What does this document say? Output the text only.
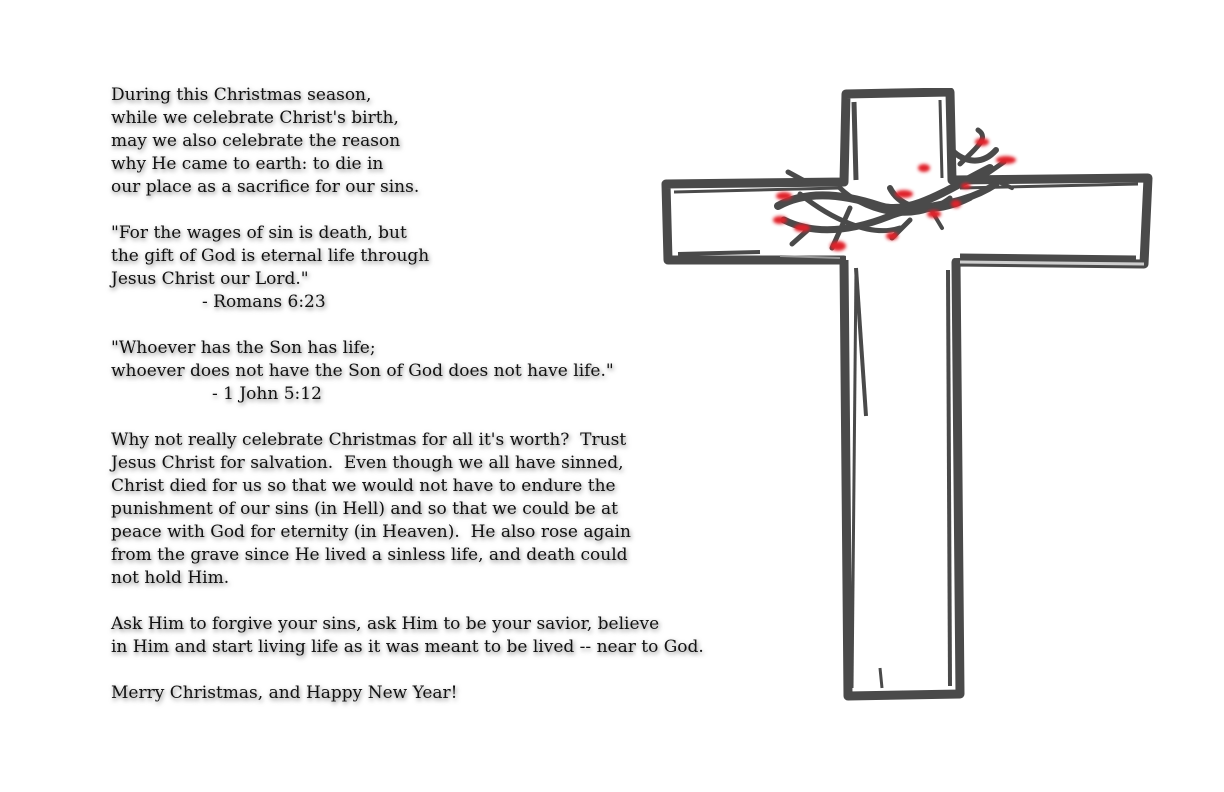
During this Christmas season,
while we celebrate Christ's birth,
may we also celebrate the reason
why He came to earth: to die in
our place as a sacrifice for our sins.
"For the wages of sin is death, but
the gift of God is eternal life through
Jesus Christ our Lord."
- Romans 6:23
"Whoever has the Son has life;
whoever does not have the Son of God does not have life."
- 1 John 5:12
Why not really celebrate Christmas for all it's worth?  Trust
Jesus Christ for salvation.  Even though we all have sinned,
Christ died for us so that we would not have to endure the
punishment of our sins (in Hell) and so that we could be at
peace with God for eternity (in Heaven).  He also rose again
from the grave since He lived a sinless life, and death could
not hold Him.
Ask Him to forgive your sins, ask Him to be your savior, believe
in Him and start living life as it was meant to be lived -- near to God.
Merry Christmas, and Happy New Year!
